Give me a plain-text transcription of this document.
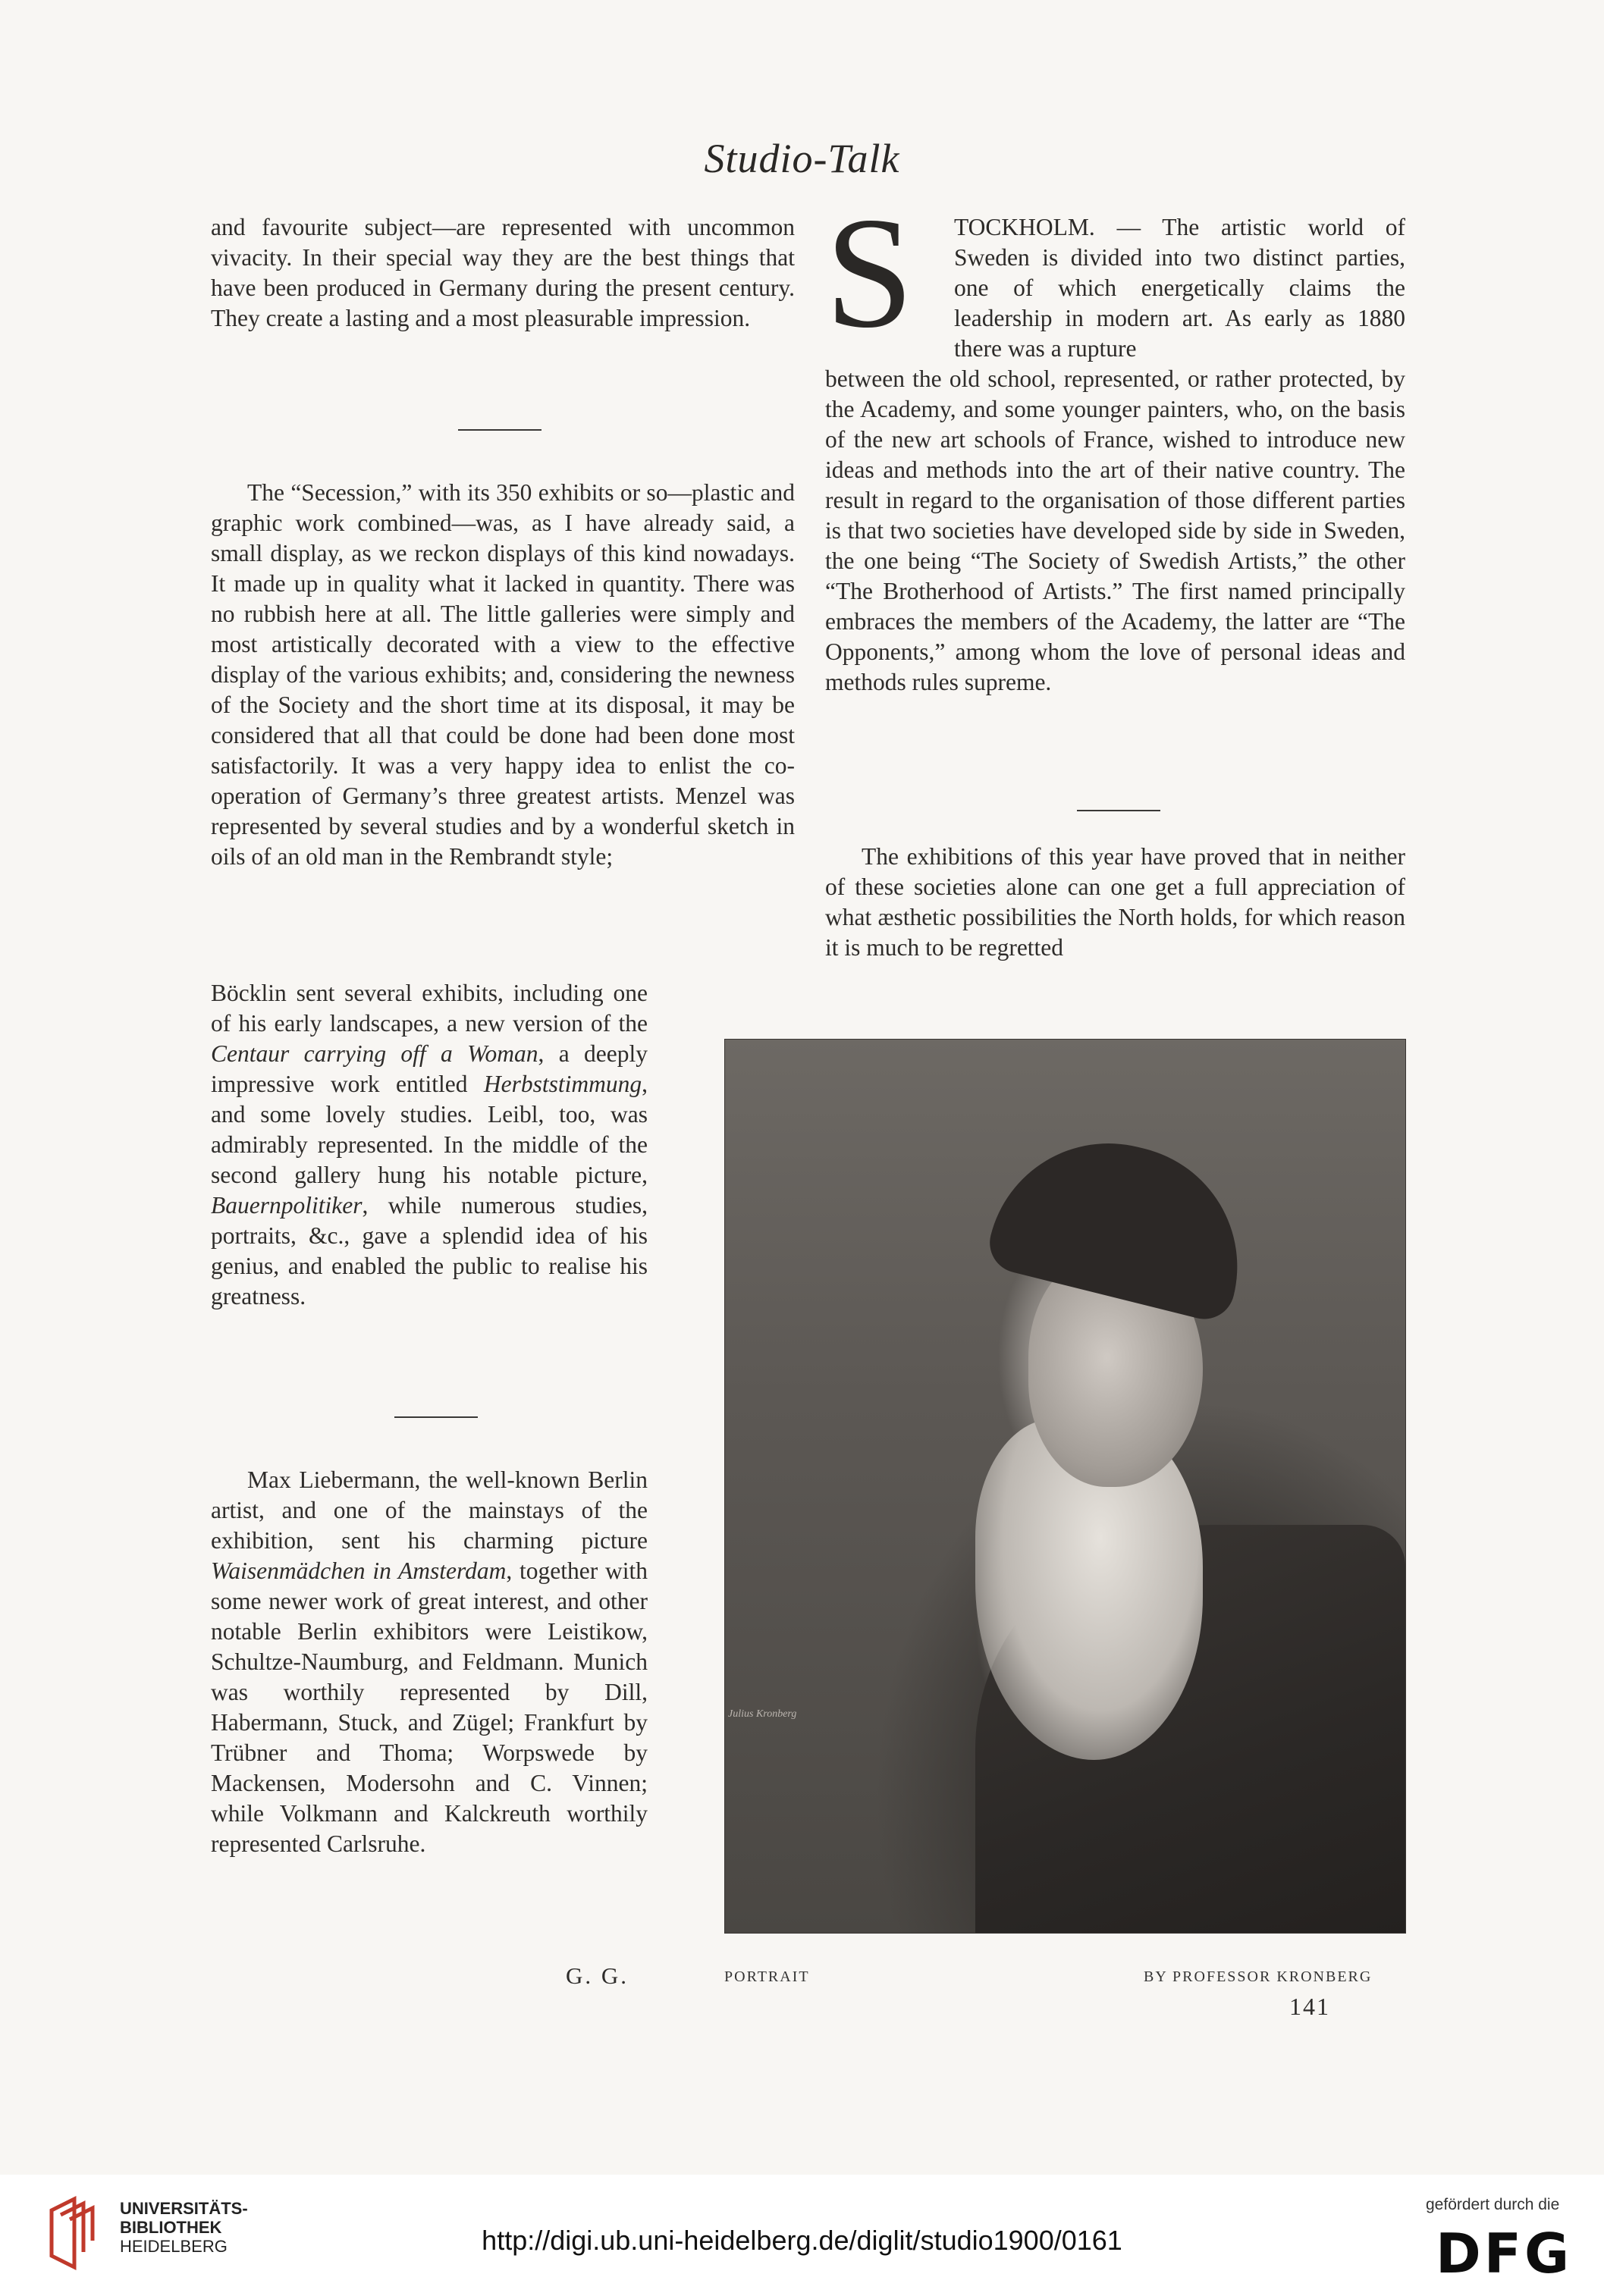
Studio-Talk

and favourite subject—are represented with uncommon vivacity. In their special way they are the best things that have been produced in Germany during the present century. They create a lasting and a most pleasurable impression.

The “Secession,” with its 350 exhibits or so—plastic and graphic work combined—was, as I have already said, a small display, as we reckon displays of this kind nowadays. It made up in quality what it lacked in quantity. There was no rubbish here at all. The little galleries were simply and most artistically decorated with a view to the effective display of the various exhibits; and, considering the newness of the Society and the short time at its disposal, it may be considered that all that could be done had been done most satisfactorily. It was a very happy idea to enlist the co-operation of Germany’s three greatest artists. Menzel was represented by several studies and by a wonderful sketch in oils of an old man in the Rembrandt style;

Böcklin sent several exhibits, including one of his early landscapes, a new version of the Centaur carrying off a Woman, a deeply impressive work entitled Herbststimmung, and some lovely studies. Leibl, too, was admirably represented. In the middle of the second gallery hung his notable picture, Bauernpolitiker, while numerous studies, portraits, &c., gave a splendid idea of his genius, and enabled the public to realise his greatness.

Max Liebermann, the well-known Berlin artist, and one of the mainstays of the exhibition, sent his charming picture Waisenmädchen in Amsterdam, together with some newer work of great interest, and other notable Berlin exhibitors were Leistikow, Schultze-Naumburg, and Feldmann. Munich was worthily represented by Dill, Habermann, Stuck, and Zügel; Frankfurt by Trübner and Thoma; Worpswede by Mackensen, Modersohn and C. Vinnen; while Volkmann and Kalckreuth worthily represented Carlsruhe.

G. G.
S TOCKHOLM. — The artistic world of Sweden is divided into two distinct parties, one of which energetically claims the leadership in modern art. As early as 1880 there was a rupture

between the old school, represented, or rather protected, by the Academy, and some younger painters, who, on the basis of the new art schools of France, wished to introduce new ideas and methods into the art of their native country. The result in regard to the organisation of those different parties is that two societies have developed side by side in Sweden, the one being “The Society of Swedish Artists,” the other “The Brotherhood of Artists.” The first named principally embraces the members of the Academy, the latter are “The Opponents,” among whom the love of personal ideas and methods rules supreme.

The exhibitions of this year have proved that in neither of these societies alone can one get a full appreciation of what æsthetic possibilities the North holds, for which reason it is much to be regretted

Julius Kronberg
PORTRAIT	BY PROFESSOR KRONBERG
141
UNIVERSITÄTS-
BIBLIOTHEK
HEIDELBERG	http://digi.ub.uni-heidelberg.de/diglit/studio1900/0161
gefördert durch die
DFG
